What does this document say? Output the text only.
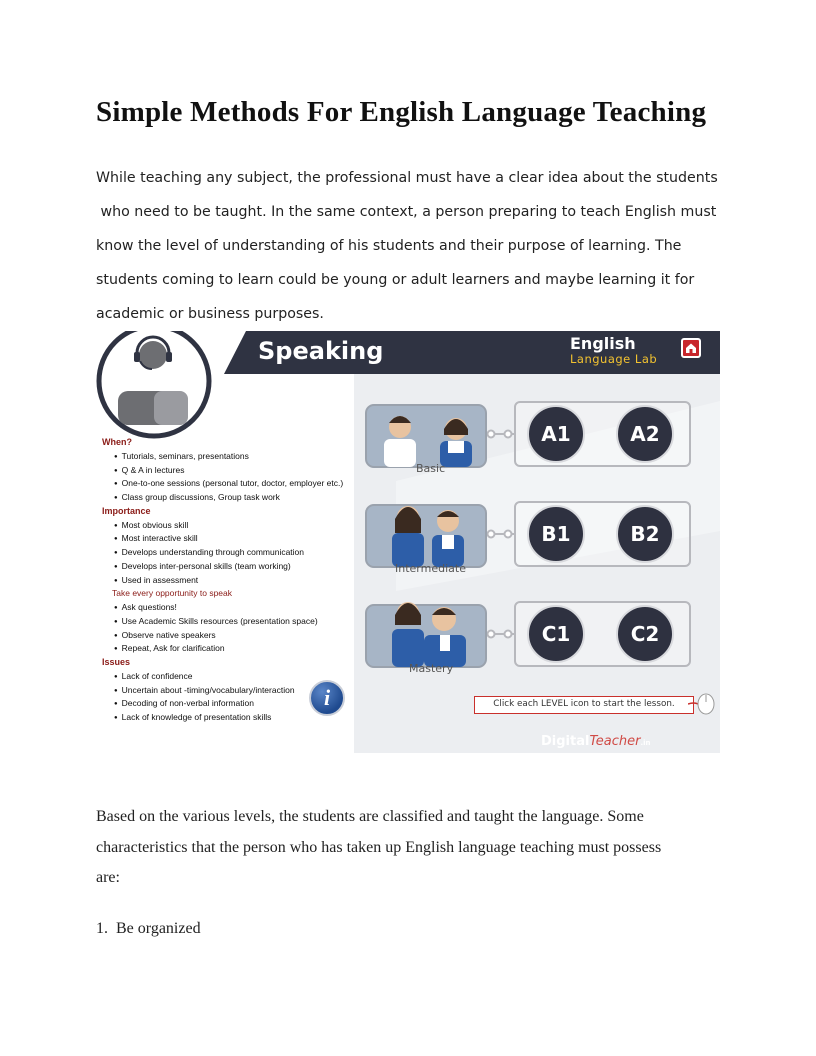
Simple Methods For English Language Teaching

While teaching any subject, the professional must have a clear idea about the students
who need to be taught. In the same context, a person preparing to teach English must
know the level of understanding of his students and their purpose of learning. The
students coming to learn could be young or adult learners and maybe learning it for
academic or business purposes.

Speaking	English
Language Lab
When?
● Tutorials, seminars, presentations
● Q & A in lectures
● One-to-one sessions (personal tutor, doctor, employer etc.)
● Class group discussions, Group task work
Importance
● Most obvious skill
● Most interactive skill
● Develops understanding through communication
● Develops inter-personal skills (team working)
● Used in assessment
Take every opportunity to speak
● Ask questions!
● Use Academic Skills resources (presentation space)
● Observe native speakers
● Repeat, Ask for clarification
Issues
● Lack of confidence
● Uncertain about -timing/vocabulary/interaction
● Decoding of non-verbal information
● Lack of knowledge of presentation skills
Basic
A1	A2
Intermediate
B1	B2
Mastery
C1	C2
i	Click each LEVEL icon to start the lesson.
DigitalTeacher.in

Based on the various levels, the students are classified and taught the language. Some
characteristics that the person who has taken up English language teaching must possess
are:

1. Be organized
